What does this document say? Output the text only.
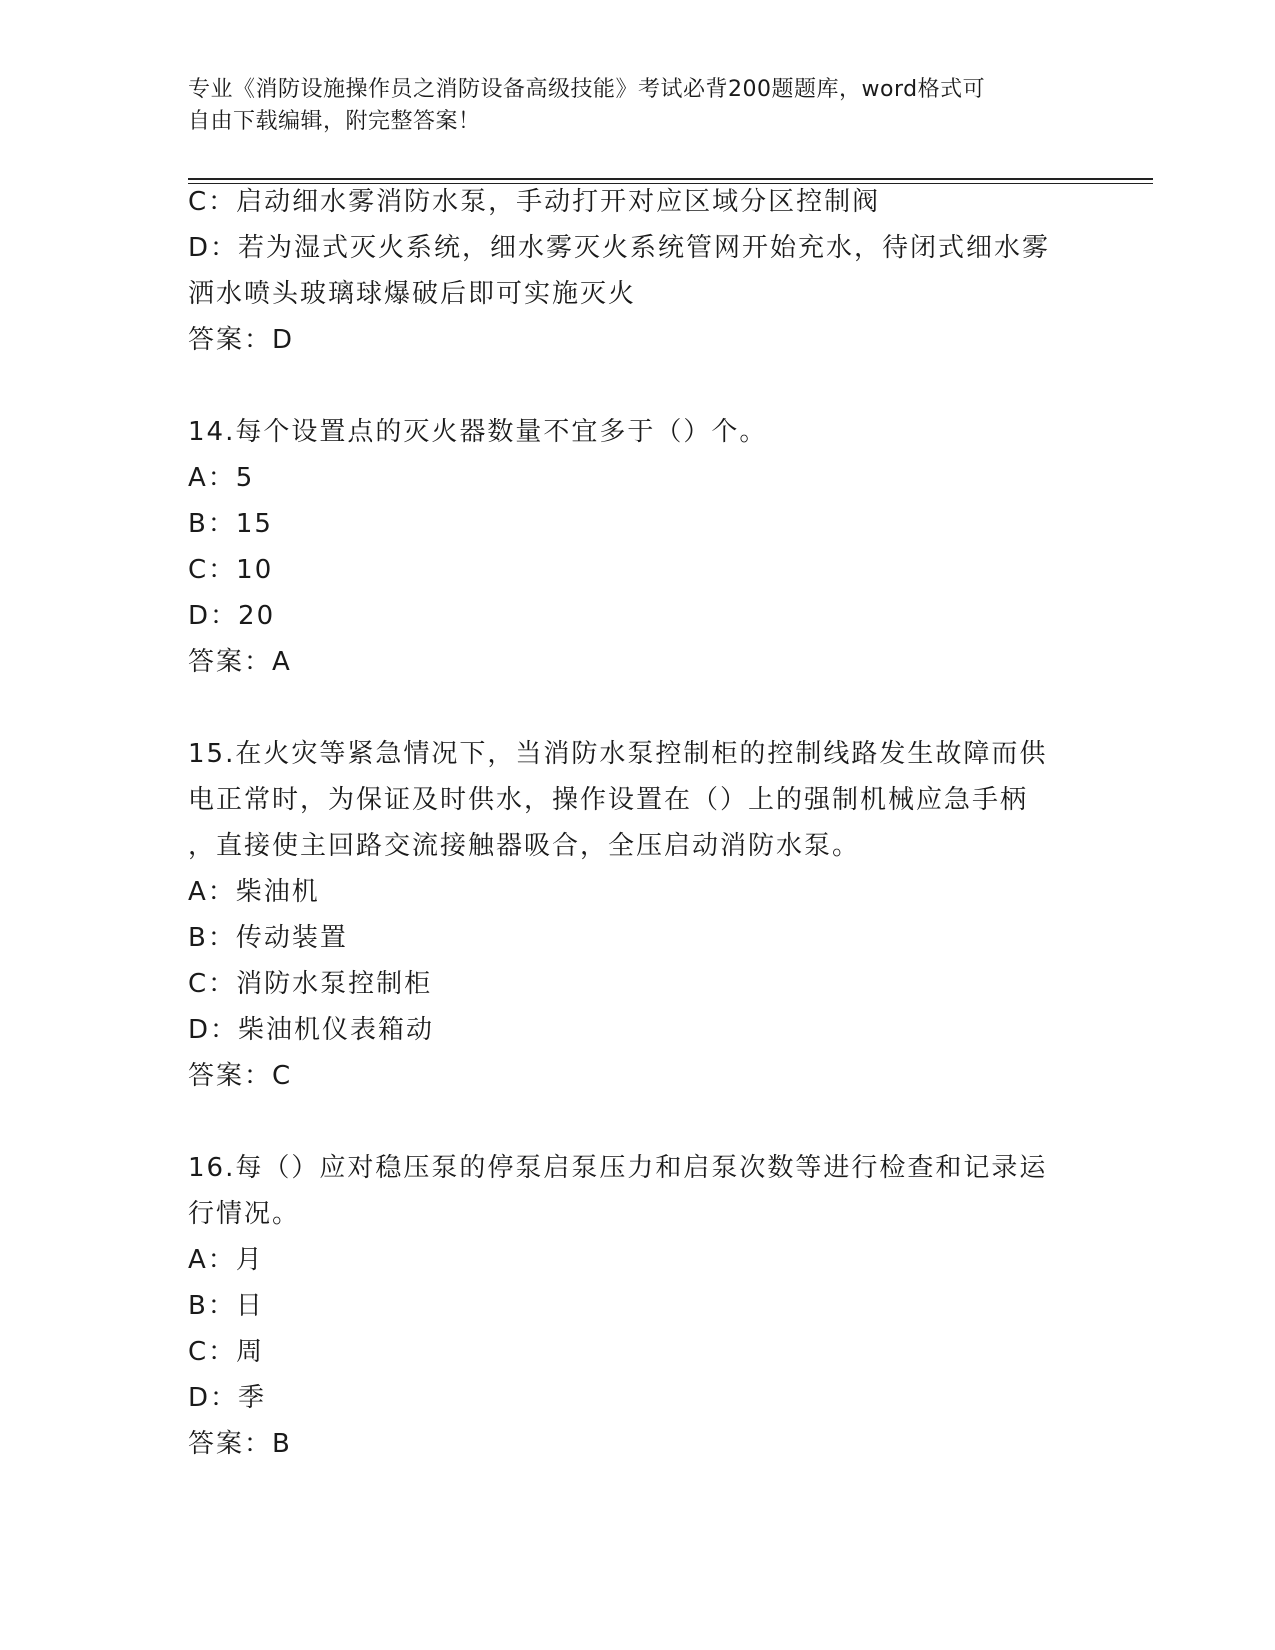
专业《消防设施操作员之消防设备高级技能》考试必背200题题库，word格式可
自由下载编辑，附完整答案！
C：启动细水雾消防水泵，手动打开对应区域分区控制阀
D：若为湿式灭火系统，细水雾灭火系统管网开始充水，待闭式细水雾
洒水喷头玻璃球爆破后即可实施灭火
答案：D
14.每个设置点的灭火器数量不宜多于（）个。
A：5
B：15
C：10
D：20
答案：A
15.在火灾等紧急情况下，当消防水泵控制柜的控制线路发生故障而供
电正常时，为保证及时供水，操作设置在（）上的强制机械应急手柄
，直接使主回路交流接触器吸合，全压启动消防水泵。
A：柴油机
B：传动装置
C：消防水泵控制柜
D：柴油机仪表箱动
答案：C
16.每（）应对稳压泵的停泵启泵压力和启泵次数等进行检查和记录运
行情况。
A：月
B：日
C：周
D：季
答案：B
